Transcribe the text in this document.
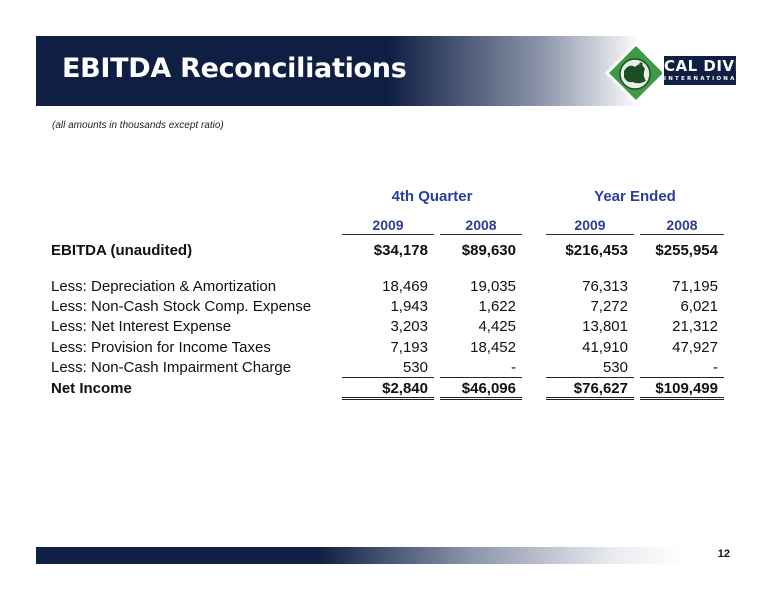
EBITDA Reconciliations	CAL DIVE
INTERNATIONAL
(all amounts in thousands except ratio)
4th Quarter	Year Ended
2009	2008	2009	2008
EBITDA (unaudited)	$34,178	$89,630	$216,453	$255,954
Less: Depreciation & Amortization	18,469	19,035	76,313	71,195
Less: Non-Cash Stock Comp. Expense	1,943	1,622	7,272	6,021
Less: Net Interest Expense	3,203	4,425	13,801	21,312
Less: Provision for Income Taxes	7,193	18,452	41,910	47,927
Less: Non-Cash Impairment Charge	530	-	530	-
Net Income	$2,840	$46,096	$76,627	$109,499
12
